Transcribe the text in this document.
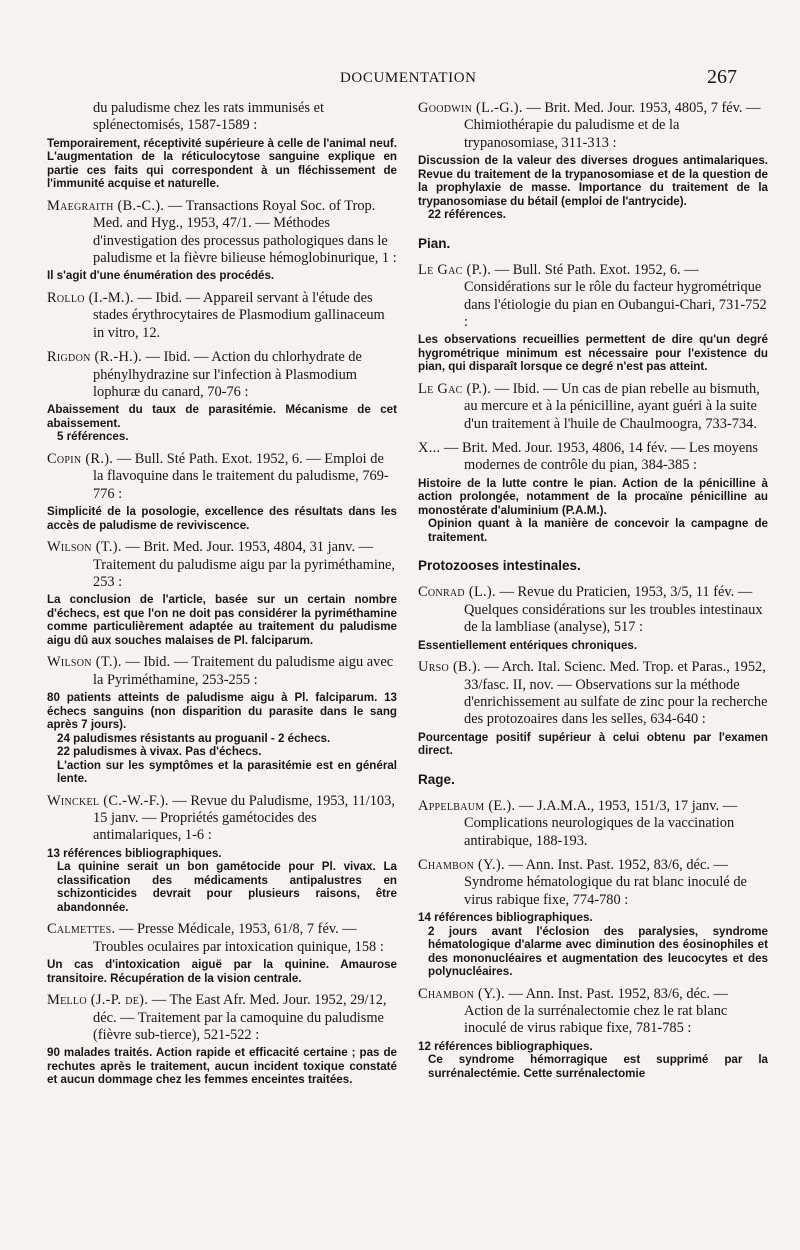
DOCUMENTATION	267
du paludisme chez les rats immunisés et splénectomisés, 1587-1589 :

Temporairement, réceptivité supérieure à celle de l'animal neuf. L'augmentation de la réticulocytose sanguine explique en partie ces faits qui correspondent à un fléchissement de l'immunité acquise et naturelle.

Maegraith (B.-C.). — Transactions Royal Soc. of Trop. Med. and Hyg., 1953, 47/1. — Méthodes d'investigation des processus pathologiques dans le paludisme et la fièvre bilieuse hémoglobinurique, 1 :

Il s'agit d'une énumération des procédés.

Rollo (I.-M.). — Ibid. — Appareil servant à l'étude des stades érythrocytaires de Plasmodium gallinaceum in vitro, 12.
Rigdon (R.-H.). — Ibid. — Action du chlorhydrate de phénylhydrazine sur l'infection à Plasmodium lophuræ du canard, 70-76 :

Abaissement du taux de parasitémie. Mécanisme de cet abaissement.

5 références.

Copin (R.). — Bull. Sté Path. Exot. 1952, 6. — Emploi de la flavoquine dans le traitement du paludisme, 769-776 :

Simplicité de la posologie, excellence des résultats dans les accès de paludisme de reviviscence.

Wilson (T.). — Brit. Med. Jour. 1953, 4804, 31 janv. — Traitement du paludisme aigu par la pyriméthamine, 253 :

La conclusion de l'article, basée sur un certain nombre d'échecs, est que l'on ne doit pas considérer la pyriméthamine comme particulièrement adaptée au traitement du paludisme aigu dû aux souches malaises de Pl. falciparum.

Wilson (T.). — Ibid. — Traitement du paludisme aigu avec la Pyriméthamine, 253-255 :

80 patients atteints de paludisme aigu à Pl. falciparum. 13 échecs sanguins (non disparition du parasite dans le sang après 7 jours).

24 paludismes résistants au proguanil - 2 échecs.

22 paludismes à vivax. Pas d'échecs.

L'action sur les symptômes et la parasitémie est en général lente.

Winckel (C.-W.-F.). — Revue du Paludisme, 1953, 11/103, 15 janv. — Propriétés gamétocides des antimalariques, 1-6 :

13 références bibliographiques.

La quinine serait un bon gamétocide pour Pl. vivax. La classification des médicaments antipalustres en schizonticides devrait pour plusieurs raisons, être abandonnée.

Calmettes. — Presse Médicale, 1953, 61/8, 7 fév. — Troubles oculaires par intoxication quinique, 158 :

Un cas d'intoxication aiguë par la quinine. Amaurose transitoire. Récupération de la vision centrale.

Mello (J.-P. de). — The East Afr. Med. Jour. 1952, 29/12, déc. — Traitement par la camoquine du paludisme (fièvre sub-tierce), 521-522 :

90 malades traités. Action rapide et efficacité certaine ; pas de rechutes après le traitement, aucun incident toxique constaté et aucun dommage chez les femmes enceintes traitées.

Goodwin (L.-G.). — Brit. Med. Jour. 1953, 4805, 7 fév. — Chimiothérapie du paludisme et de la trypanosomiase, 311-313 :

Discussion de la valeur des diverses drogues antimalariques. Revue du traitement de la trypanosomiase et de la question de la prophylaxie de masse. Importance du traitement de la trypanosomiase du bétail (emploi de l'antrycide).

22 références.

Pian.
Le Gac (P.). — Bull. Sté Path. Exot. 1952, 6. — Considérations sur le rôle du facteur hygrométrique dans l'étiologie du pian en Oubangui-Chari, 731-752 :

Les observations recueillies permettent de dire qu'un degré hygrométrique minimum est nécessaire pour l'existence du pian, qui disparaît lorsque ce degré n'est pas atteint.

Le Gac (P.). — Ibid. — Un cas de pian rebelle au bismuth, au mercure et à la pénicilline, ayant guéri à la suite d'un traitement à l'huile de Chaulmoogra, 733-734.
X... — Brit. Med. Jour. 1953, 4806, 14 fév. — Les moyens modernes de contrôle du pian, 384-385 :

Histoire de la lutte contre le pian. Action de la pénicilline à action prolongée, notamment de la procaïne pénicilline au monostérate d'aluminium (P.A.M.).

Opinion quant à la manière de concevoir la campagne de traitement.

Protozooses intestinales.
Conrad (L.). — Revue du Praticien, 1953, 3/5, 11 fév. — Quelques considérations sur les troubles intestinaux de la lambliase (analyse), 517 :

Essentiellement entériques chroniques.

Urso (B.). — Arch. Ital. Scienc. Med. Trop. et Paras., 1952, 33/fasc. II, nov. — Observations sur la méthode d'enrichissement au sulfate de zinc pour la recherche des protozoaires dans les selles, 634-640 :

Pourcentage positif supérieur à celui obtenu par l'examen direct.

Rage.
Appelbaum (E.). — J.A.M.A., 1953, 151/3, 17 janv. — Complications neurologiques de la vaccination antirabique, 188-193.
Chambon (Y.). — Ann. Inst. Past. 1952, 83/6, déc. — Syndrome hématologique du rat blanc inoculé de virus rabique fixe, 774-780 :

14 références bibliographiques.

2 jours avant l'éclosion des paralysies, syndrome hématologique d'alarme avec diminution des éosinophiles et des mononucléaires et augmentation des leucocytes et des polynucléaires.

Chambon (Y.). — Ann. Inst. Past. 1952, 83/6, déc. — Action de la surrénalectomie chez le rat blanc inoculé de virus rabique fixe, 781-785 :

12 références bibliographiques.

Ce syndrome hémorragique est supprimé par la surrénalectémie. Cette surrénalectomie
